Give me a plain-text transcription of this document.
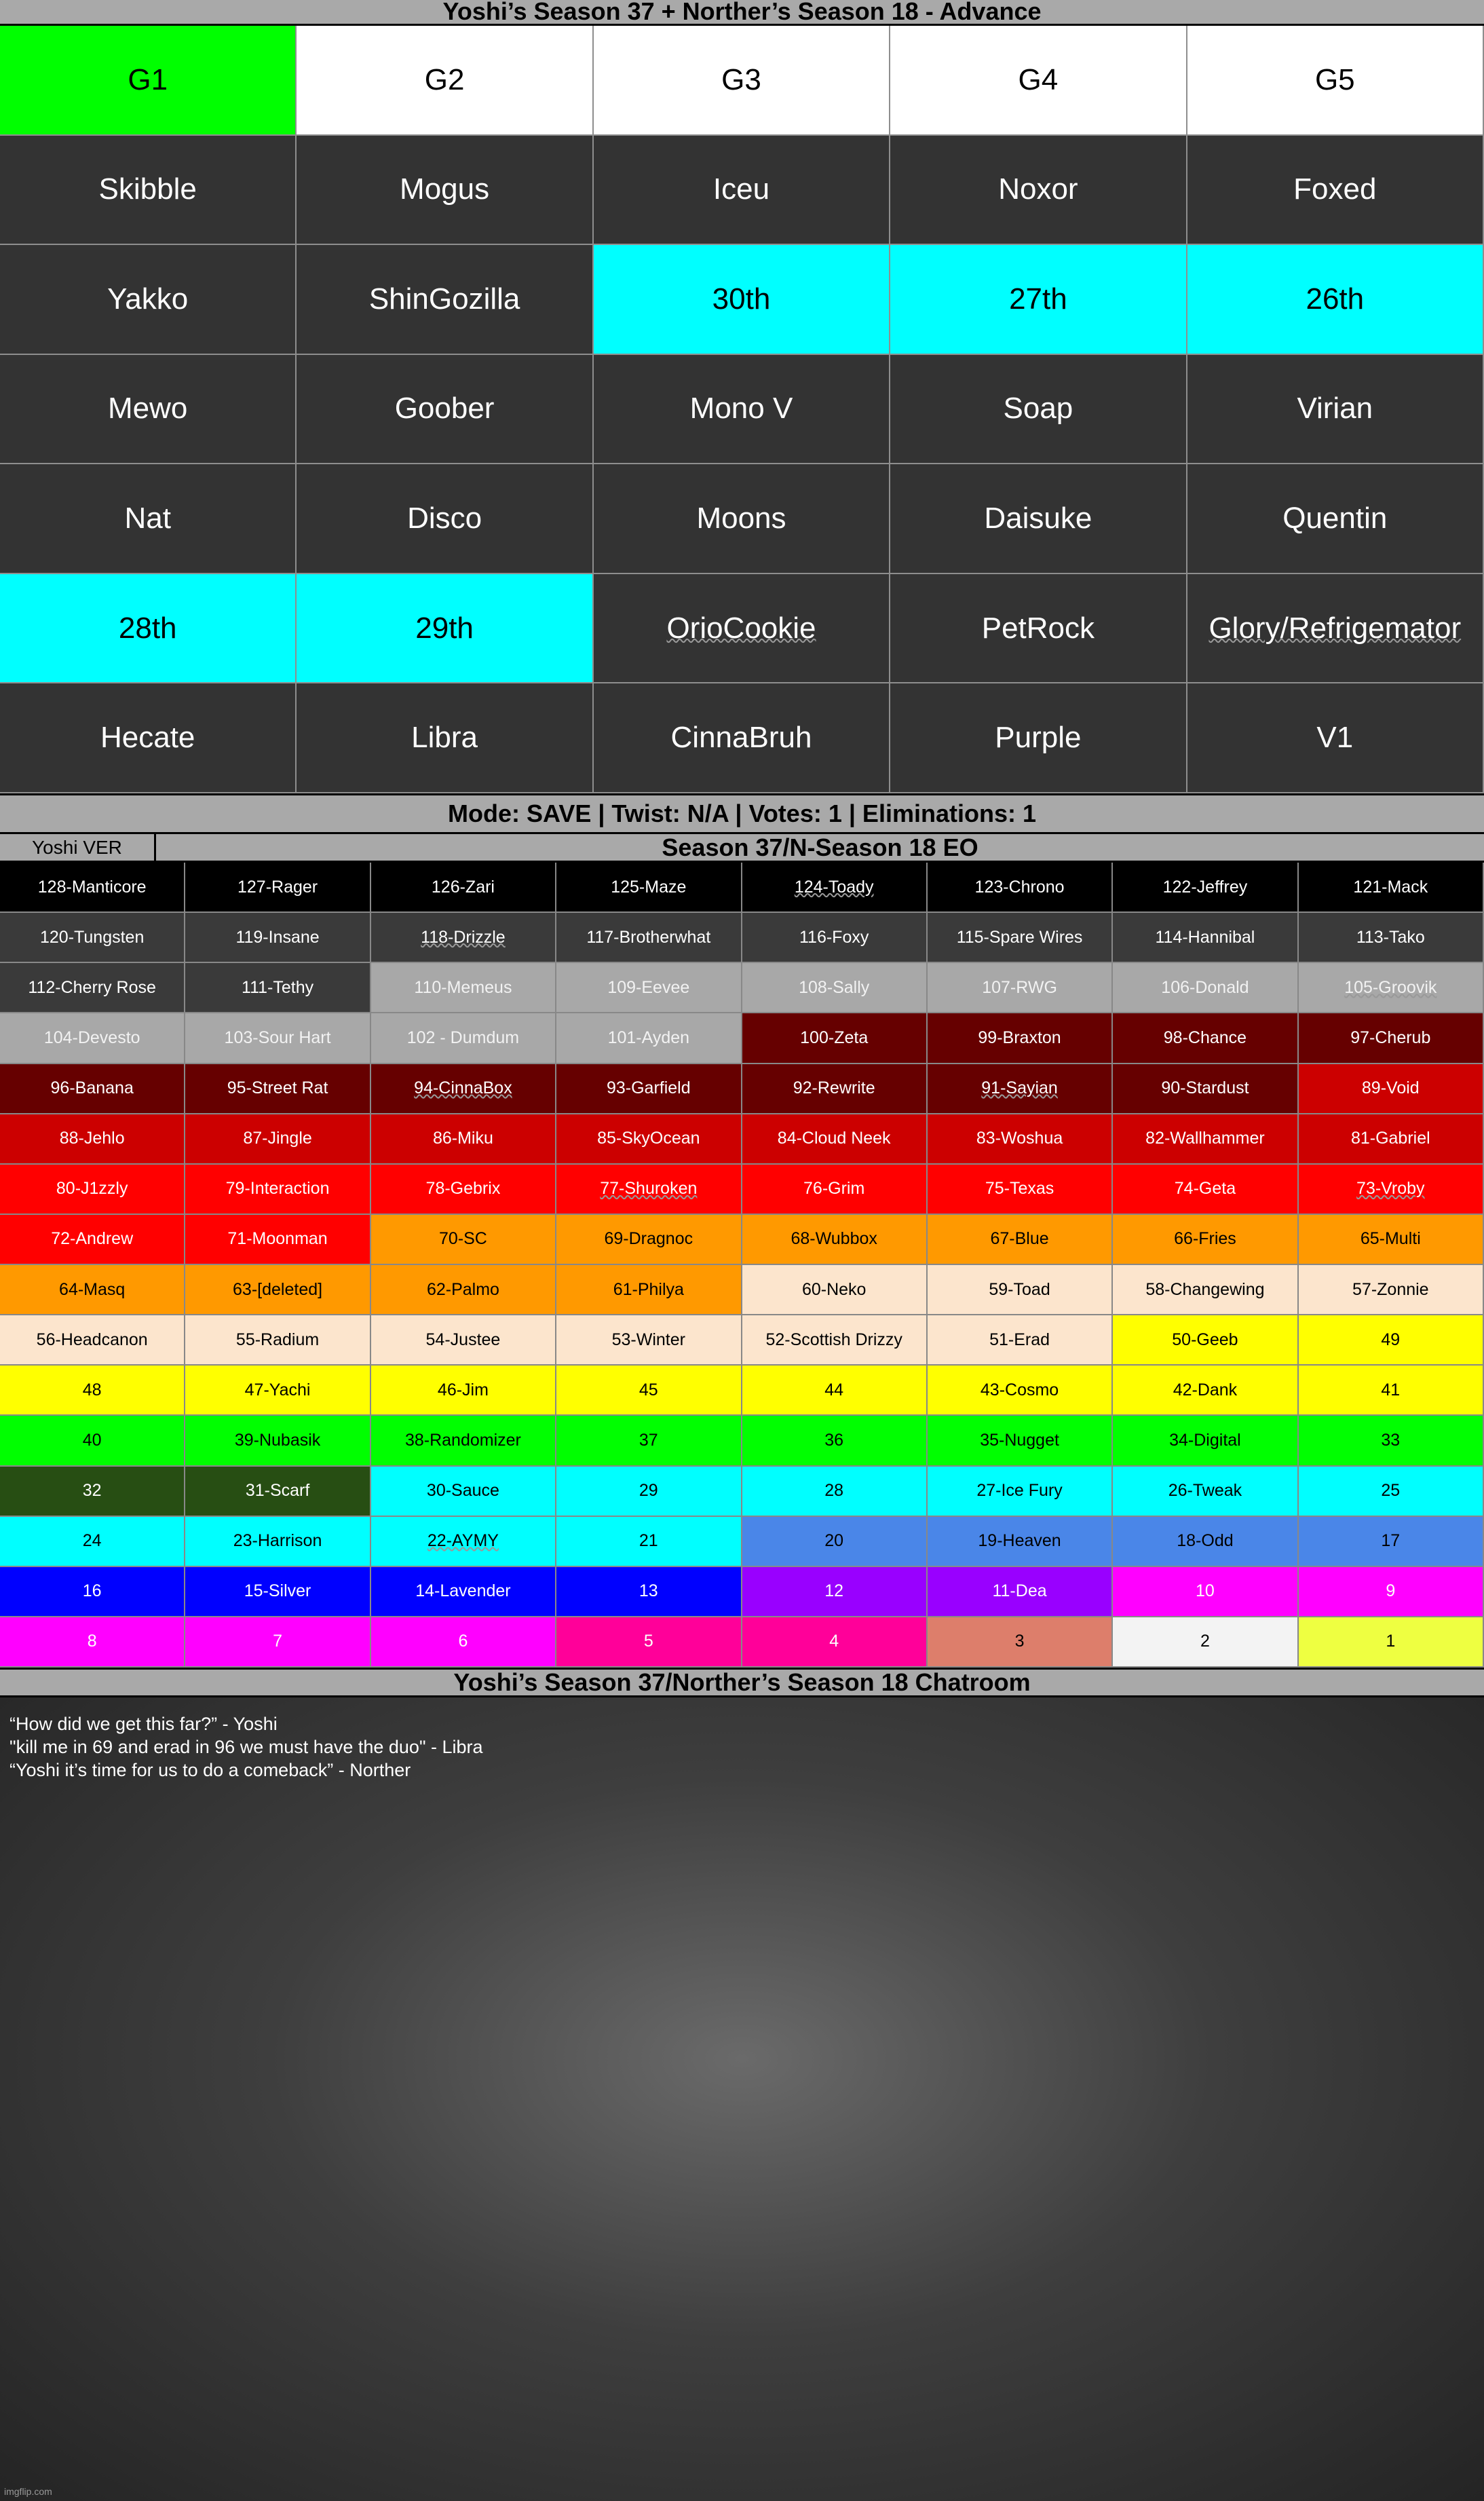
Yoshi’s Season 37 + Norther’s Season 18 - Advance
G1	G2	G3	G4	G5
Skibble	Mogus	Iceu	Noxor	Foxed
Yakko	ShinGozilla	30th	27th	26th
Mewo	Goober	Mono V	Soap	Virian
Nat	Disco	Moons	Daisuke	Quentin
28th	29th	OrioCookie	PetRock	Glory/Refrigemator
Hecate	Libra	CinnaBruh	Purple	V1
Mode: SAVE | Twist: N/A | Votes: 1 | Eliminations: 1
Yoshi VER	Season 37/N-Season 18 EO
128-Manticore	127-Rager	126-Zari	125-Maze	124-Toady	123-Chrono	122-Jeffrey	121-Mack
120-Tungsten	119-Insane	118-Drizzle	117-Brotherwhat	116-Foxy	115-Spare Wires	114-Hannibal	113-Tako
112-Cherry Rose	111-Tethy	110-Memeus	109-Eevee	108-Sally	107-RWG	106-Donald	105-Groovik
104-Devesto	103-Sour Hart	102 - Dumdum	101-Ayden	100-Zeta	99-Braxton	98-Chance	97-Cherub
96-Banana	95-Street Rat	94-CinnaBox	93-Garfield	92-Rewrite	91-Sayian	90-Stardust	89-Void
88-Jehlo	87-Jingle	86-Miku	85-SkyOcean	84-Cloud Neek	83-Woshua	82-Wallhammer	81-Gabriel
80-J1zzly	79-Interaction	78-Gebrix	77-Shuroken	76-Grim	75-Texas	74-Geta	73-Vroby
72-Andrew	71-Moonman	70-SC	69-Dragnoc	68-Wubbox	67-Blue	66-Fries	65-Multi
64-Masq	63-[deleted]	62-Palmo	61-Philya	60-Neko	59-Toad	58-Changewing	57-Zonnie
56-Headcanon	55-Radium	54-Justee	53-Winter	52-Scottish Drizzy	51-Erad	50-Geeb	49
48	47-Yachi	46-Jim	45	44	43-Cosmo	42-Dank	41
40	39-Nubasik	38-Randomizer	37	36	35-Nugget	34-Digital	33
32	31-Scarf	30-Sauce	29	28	27-Ice Fury	26-Tweak	25
24	23-Harrison	22-AYMY	21	20	19-Heaven	18-Odd	17
16	15-Silver	14-Lavender	13	12	11-Dea	10	9
8	7	6	5	4	3	2	1
Yoshi’s Season 37/Norther’s Season 18 Chatroom
“How did we get this far?” - Yoshi
"kill me in 69 and erad in 96 we must have the duo" - Libra
“Yoshi it’s time for us to do a comeback” - Norther
imgflip.com
